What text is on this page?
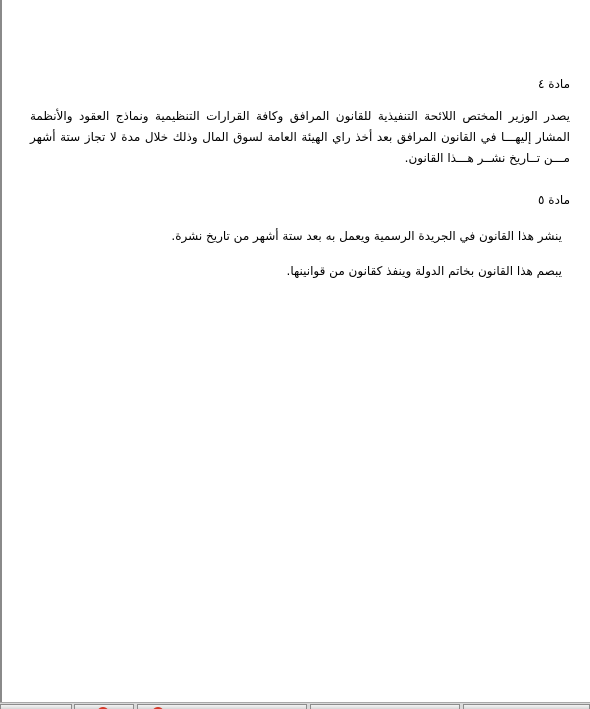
مادة ٤
يصدر الوزير المختص اللائحة التنفيذية للقانون المرافق وكافة القرارات التنظيمية ونماذج العقود والأنظمة المشار إليهـــا في القانون المرافق بعد أخذ راي الهيئة العامة لسوق المال وذلك خلال مدة لا تجاز ستة أشهر مـــن تــاريخ نشــر هـــذا القانون.
مادة ٥
ينشر هذا القانون في الجريدة الرسمية ويعمل به بعد ستة أشهر من تاريخ نشرة.
يبصم هذا القانون بخاتم الدولة وينفذ كقانون من قوانينها.
